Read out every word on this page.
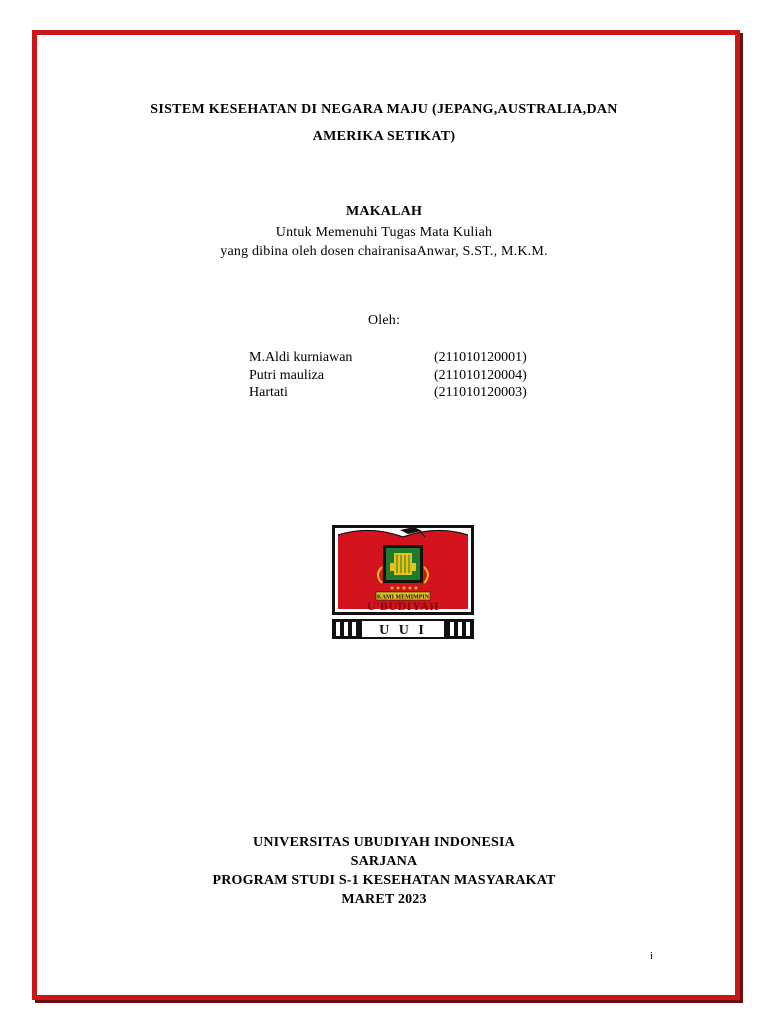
SISTEM KESEHATAN DI NEGARA MAJU (JEPANG,AUSTRALIA,DAN
AMERIKA SETIKAT)
MAKALAH
Untuk Memenuhi Tugas Mata Kuliah
yang dibina oleh dosen chairanisaAnwar, S.ST., M.K.M.
Oleh:
M.Aldi kurniawan	(211010120001)
Putri mauliza	(211010120004)
Hartati	(211010120003)
KAMI MEMIMPIN
U'BUDIYAH
U U I
UNIVERSITAS UBUDIYAH INDONESIA
SARJANA
PROGRAM STUDI S-1 KESEHATAN MASYARAKAT
MARET 2023
i
